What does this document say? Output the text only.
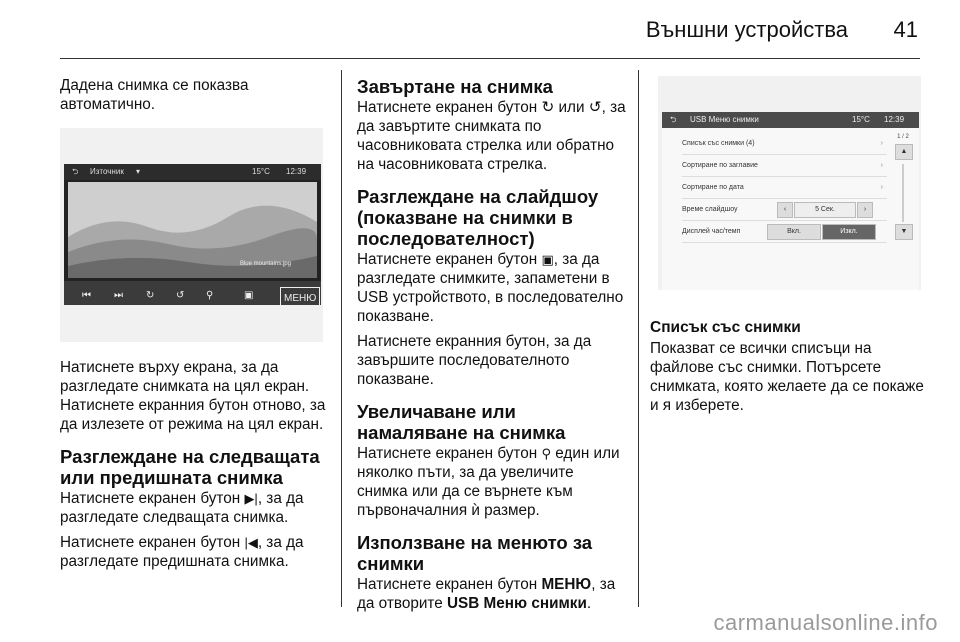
Външни устройства 41

Дадена снимка се показва автоматично.

⮌ Източник ▾	15°C 12:39
Blue mountains.jpg
⏮ ⏭ ↻ ↺ ⚲	▣	МЕНЮ

Натиснете върху екрана, за да разгледате снимката на цял екран. Натиснете екранния бутон отново, за да излезете от режима на цял екран.

Разглеждане на следващата или предишната снимка

Натиснете екранен бутон ▶|, за да разгледате следващата снимка.

Натиснете екранен бутон |◀, за да разгледате предишната снимка.

Завъртане на снимка

Натиснете екранен бутон ↻ или ↺, за да завъртите снимката по часовниковата стрелка или обратно на часовниковата стрелка.

Разглеждане на слайдшоу (показване на снимки в последователност)

Натиснете екранен бутон ▣, за да разгледате снимките, запаметени в USB устройството, в последователно показване.

Натиснете екранния бутон, за да завършите последователното показване.

Увеличаване или намаляване на снимка

Натиснете екранен бутон ⚲ един или няколко пъти, за да увеличите снимка или да се върнете към първоначалния ѝ размер.

Използване на менюто за снимки

Натиснете екранен бутон МЕНЮ, за да отворите USB Меню снимки.

⮌ USB Меню снимки	15°C 12:39
Списък със снимки (4)	›
Сортиране по заглавие	›
Сортиране по дата	›
Време слайдшоу	‹	5 Сек.	›
Дисплей час/темп	Вкл.	Изкл.
1 / 2
▲
▼
Списък със снимки

Показват се всички списъци на файлове със снимки. Потърсете снимката, която желаете да се покаже и я изберете.

carmanualsonline.info
